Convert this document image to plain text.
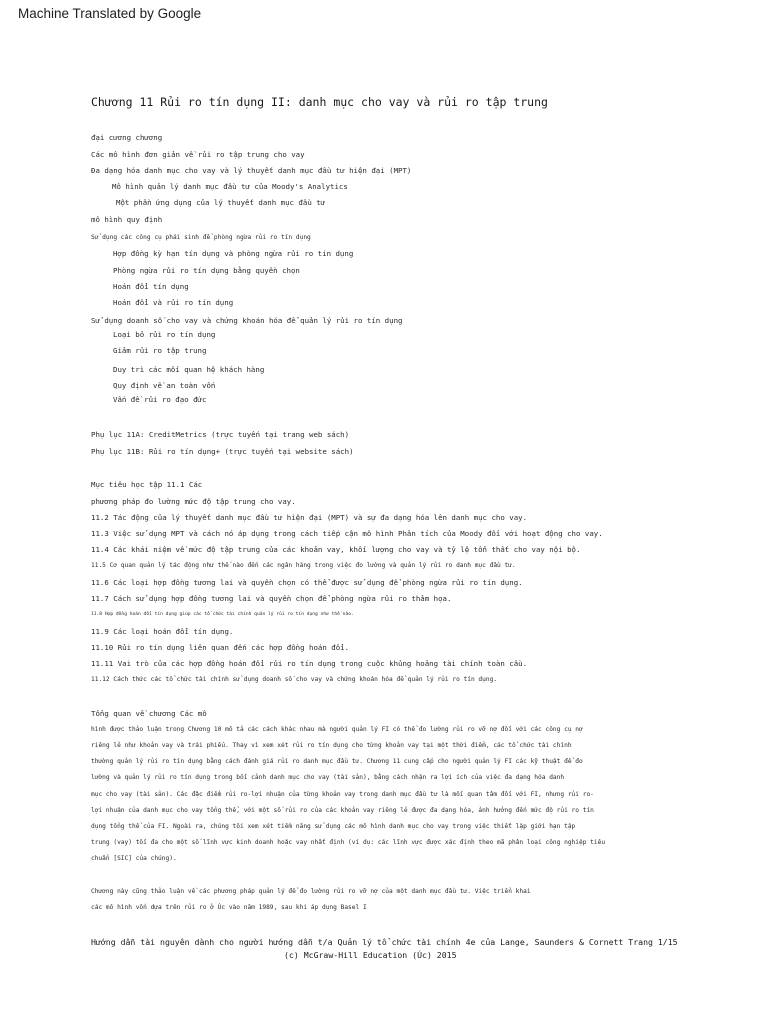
Machine Translated by Google
Chương 11 Rủi ro tín dụng II: danh mục cho vay và rủi ro tập trung
đại cương chương
Các mô hình đơn giản về rủi ro tập trung cho vay
Đa dạng hóa danh mục cho vay và lý thuyết danh mục đầu tư hiện đại (MPT)
Mô hình quản lý danh mục đầu tư của Moody's Analytics
Một phần ứng dụng của lý thuyết danh mục đầu tư
mô hình quy định
Sử dụng các công cụ phái sinh để phòng ngừa rủi ro tín dụng
Hợp đồng kỳ hạn tín dụng và phòng ngừa rủi ro tín dụng
Phòng ngừa rủi ro tín dụng bằng quyền chọn
Hoán đổi tín dụng
Hoán đổi và rủi ro tín dụng
Sử dụng doanh số cho vay và chứng khoán hóa để quản lý rủi ro tín dụng
Loại bỏ rủi ro tín dụng
Giảm rủi ro tập trung
Duy trì các mối quan hệ khách hàng
Quy định về an toàn vốn
Vấn đề rủi ro đạo đức
Phụ lục 11A: CreditMetrics (trực tuyến tại trang web sách)
Phụ lục 11B: Rủi ro tín dụng+ (trực tuyến tại website sách)
Mục tiêu học tập 11.1 Các
phương pháp đo lường mức độ tập trung cho vay.
11.2 Tác động của lý thuyết danh mục đầu tư hiện đại (MPT) và sự đa dạng hóa lên danh mục cho vay.
11.3 Việc sử dụng MPT và cách nó áp dụng trong cách tiếp cận mô hình Phân tích của Moody đối với hoạt động cho vay.
11.4 Các khái niệm về mức độ tập trung của các khoản vay, khối lượng cho vay và tỷ lệ tổn thất cho vay nội bộ.
11.5 Cơ quan quản lý tác động như thế nào đến các ngân hàng trong việc đo lường và quản lý rủi ro danh mục đầu tư.
11.6 Các loại hợp đồng tương lai và quyền chọn có thể được sử dụng để phòng ngừa rủi ro tín dụng.
11.7 Cách sử dụng hợp đồng tương lai và quyền chọn để phòng ngừa rủi ro thảm họa.
11.8 Hợp đồng hoán đổi tín dụng giúp các tổ chức tài chính quản lý rủi ro tín dụng như thế nào.
11.9 Các loại hoán đổi tín dụng.
11.10 Rủi ro tín dụng liên quan đến các hợp đồng hoán đổi.
11.11 Vai trò của các hợp đồng hoán đổi rủi ro tín dụng trong cuộc khủng hoảng tài chính toàn cầu.
11.12 Cách thức các tổ chức tài chính sử dụng doanh số cho vay và chứng khoán hóa để quản lý rủi ro tín dụng.
Tổng quan về chương Các mô
hình được thảo luận trong Chương 10 mô tả các cách khác nhau mà người quản lý FI có thể đo lường rủi ro vỡ nợ đối với các công cụ nợ
riêng lẻ như khoản vay và trái phiếu. Thay vì xem xét rủi ro tín dụng cho từng khoản vay tại một thời điểm, các tổ chức tài chính
thường quản lý rủi ro tín dụng bằng cách đánh giá rủi ro danh mục đầu tư. Chương 11 cung cấp cho người quản lý FI các kỹ thuật để đo
lường và quản lý rủi ro tín dụng trong bối cảnh danh mục cho vay (tài sản), bằng cách nhận ra lợi ích của việc đa dạng hóa danh
mục cho vay (tài sản). Các đặc điểm rủi ro-lợi nhuận của từng khoản vay trong danh mục đầu tư là mối quan tâm đối với FI, nhưng rủi ro-
lợi nhuận của danh mục cho vay tổng thể, với một số rủi ro của các khoản vay riêng lẻ được đa dạng hóa, ảnh hưởng đến mức độ rủi ro tín
dụng tổng thể của FI. Ngoài ra, chúng tôi xem xét tiềm năng sử dụng các mô hình danh mục cho vay trong việc thiết lập giới hạn tập
trung (vay) tối đa cho một số lĩnh vực kinh doanh hoặc vay nhất định (ví dụ: các lĩnh vực được xác định theo mã phân loại công nghiệp tiêu
chuẩn [SIC] của chúng).
Chương này cũng thảo luận về các phương pháp quản lý để đo lường rủi ro vỡ nợ của một danh mục đầu tư. Việc triển khai
các mô hình vốn dựa trên rủi ro ở Úc vào năm 1989, sau khi áp dụng Basel I
Hướng dẫn tài nguyên dành cho người hướng dẫn t/a Quản lý tổ chức tài chính 4e của Lange, Saunders & Cornett Trang 1/15
(c) McGraw-Hill Education (Úc) 2015
